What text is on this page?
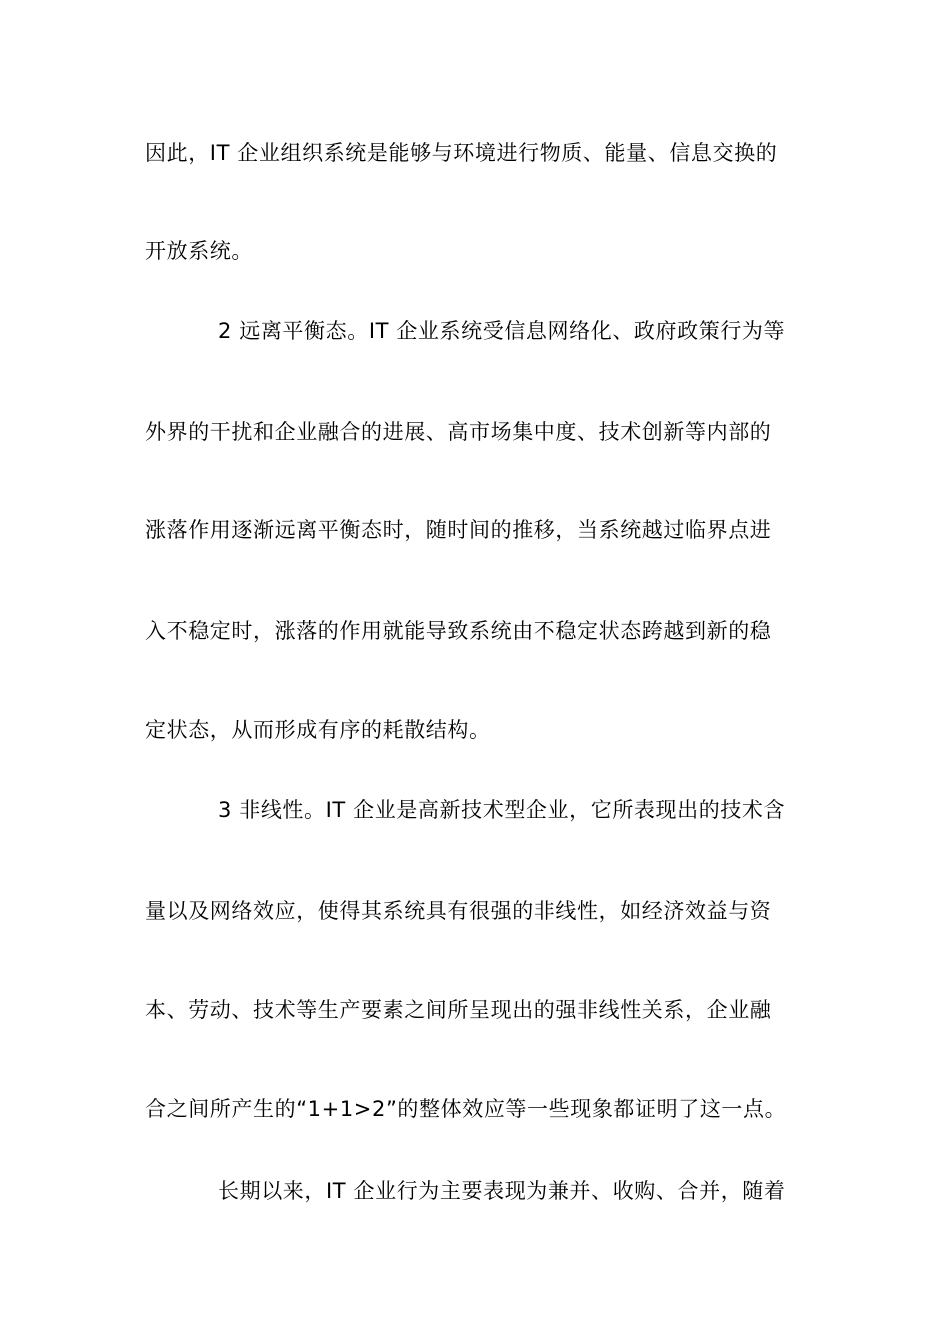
因此，IT 企业组织系统是能够与环境进行物质、能量、信息交换的
开放系统。
2 远离平衡态。IT 企业系统受信息网络化、政府政策行为等
外界的干扰和企业融合的进展、高市场集中度、技术创新等内部的
涨落作用逐渐远离平衡态时，随时间的推移，当系统越过临界点进
入不稳定时，涨落的作用就能导致系统由不稳定状态跨越到新的稳
定状态，从而形成有序的耗散结构。
3 非线性。IT 企业是高新技术型企业，它所表现出的技术含
量以及网络效应，使得其系统具有很强的非线性，如经济效益与资
本、劳动、技术等生产要素之间所呈现出的强非线性关系，企业融
合之间所产生的“1+1>2”的整体效应等一些现象都证明了这一点。
长期以来，IT 企业行为主要表现为兼并、收购、合并，随着
